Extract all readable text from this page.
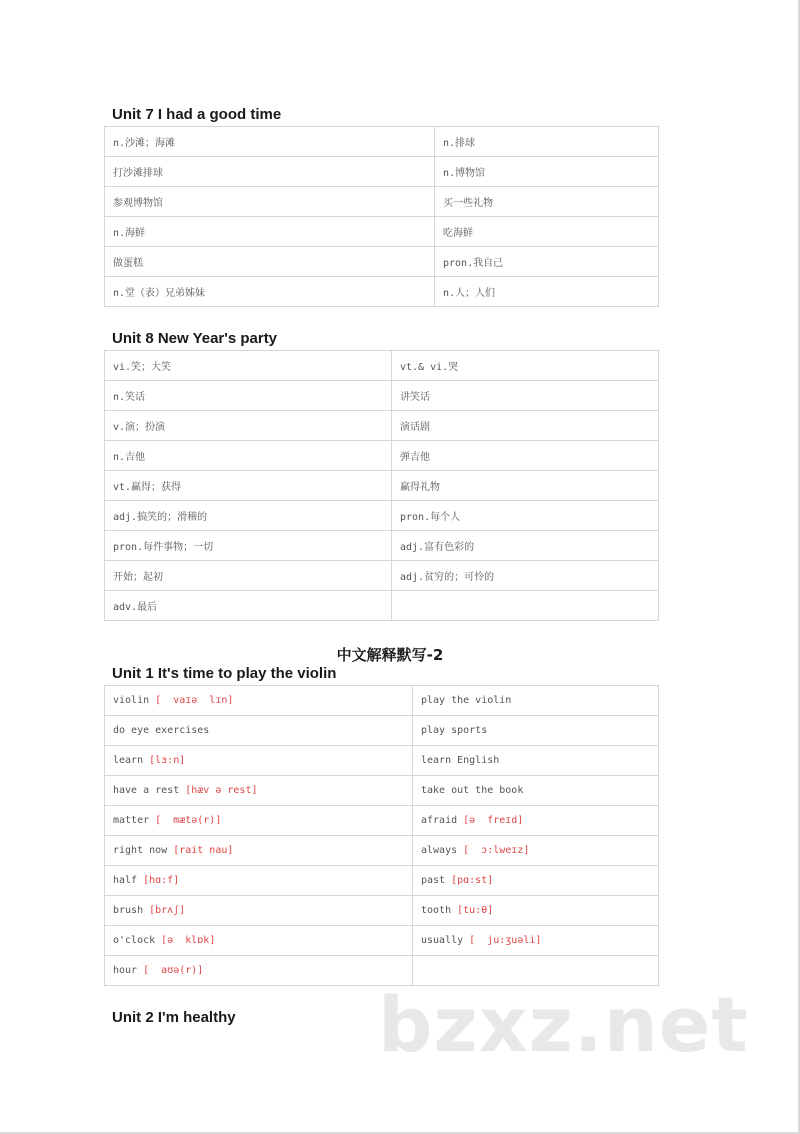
Unit 7 I had a good time
n.沙滩；海滩	n.排球
打沙滩排球	n.博物馆
参观博物馆	买一些礼物
n.海鲜	吃海鲜
做蛋糕	pron.我自己
n.堂（表）兄弟姊妹	n.人；人们
Unit 8 New Year's party
vi.笑；大笑	vt.& vi.哭
n.笑话	讲笑话
v.演；扮演	演话剧
n.吉他	弹吉他
vt.赢得；获得	赢得礼物
adj.搞笑的；滑稽的	pron.每个人
pron.每件事物；一切	adj.富有色彩的
开始；起初	adj.贫穷的；可怜的
adv.最后	
中文解释默写-2
Unit 1 It's time to play the violin
violin [  vaɪə  lɪn]	play the violin
do eye exercises	play sports
learn [lɜ:n]	learn English
have a rest [hæv ə rest]	take out the book
matter [  mætə(r)]	afraid [ə  freɪd]
right now [rait nau]	always [  ɔ:lweɪz]
half [hɑ:f]	past [pɑ:st]
brush [brʌʃ]	tooth [tu:θ]
o'clock [ə  klɒk]	usually [  ju:ʒuəli]
hour [  aʊə(r)]	
Unit 2 I'm healthy bzxz.net
